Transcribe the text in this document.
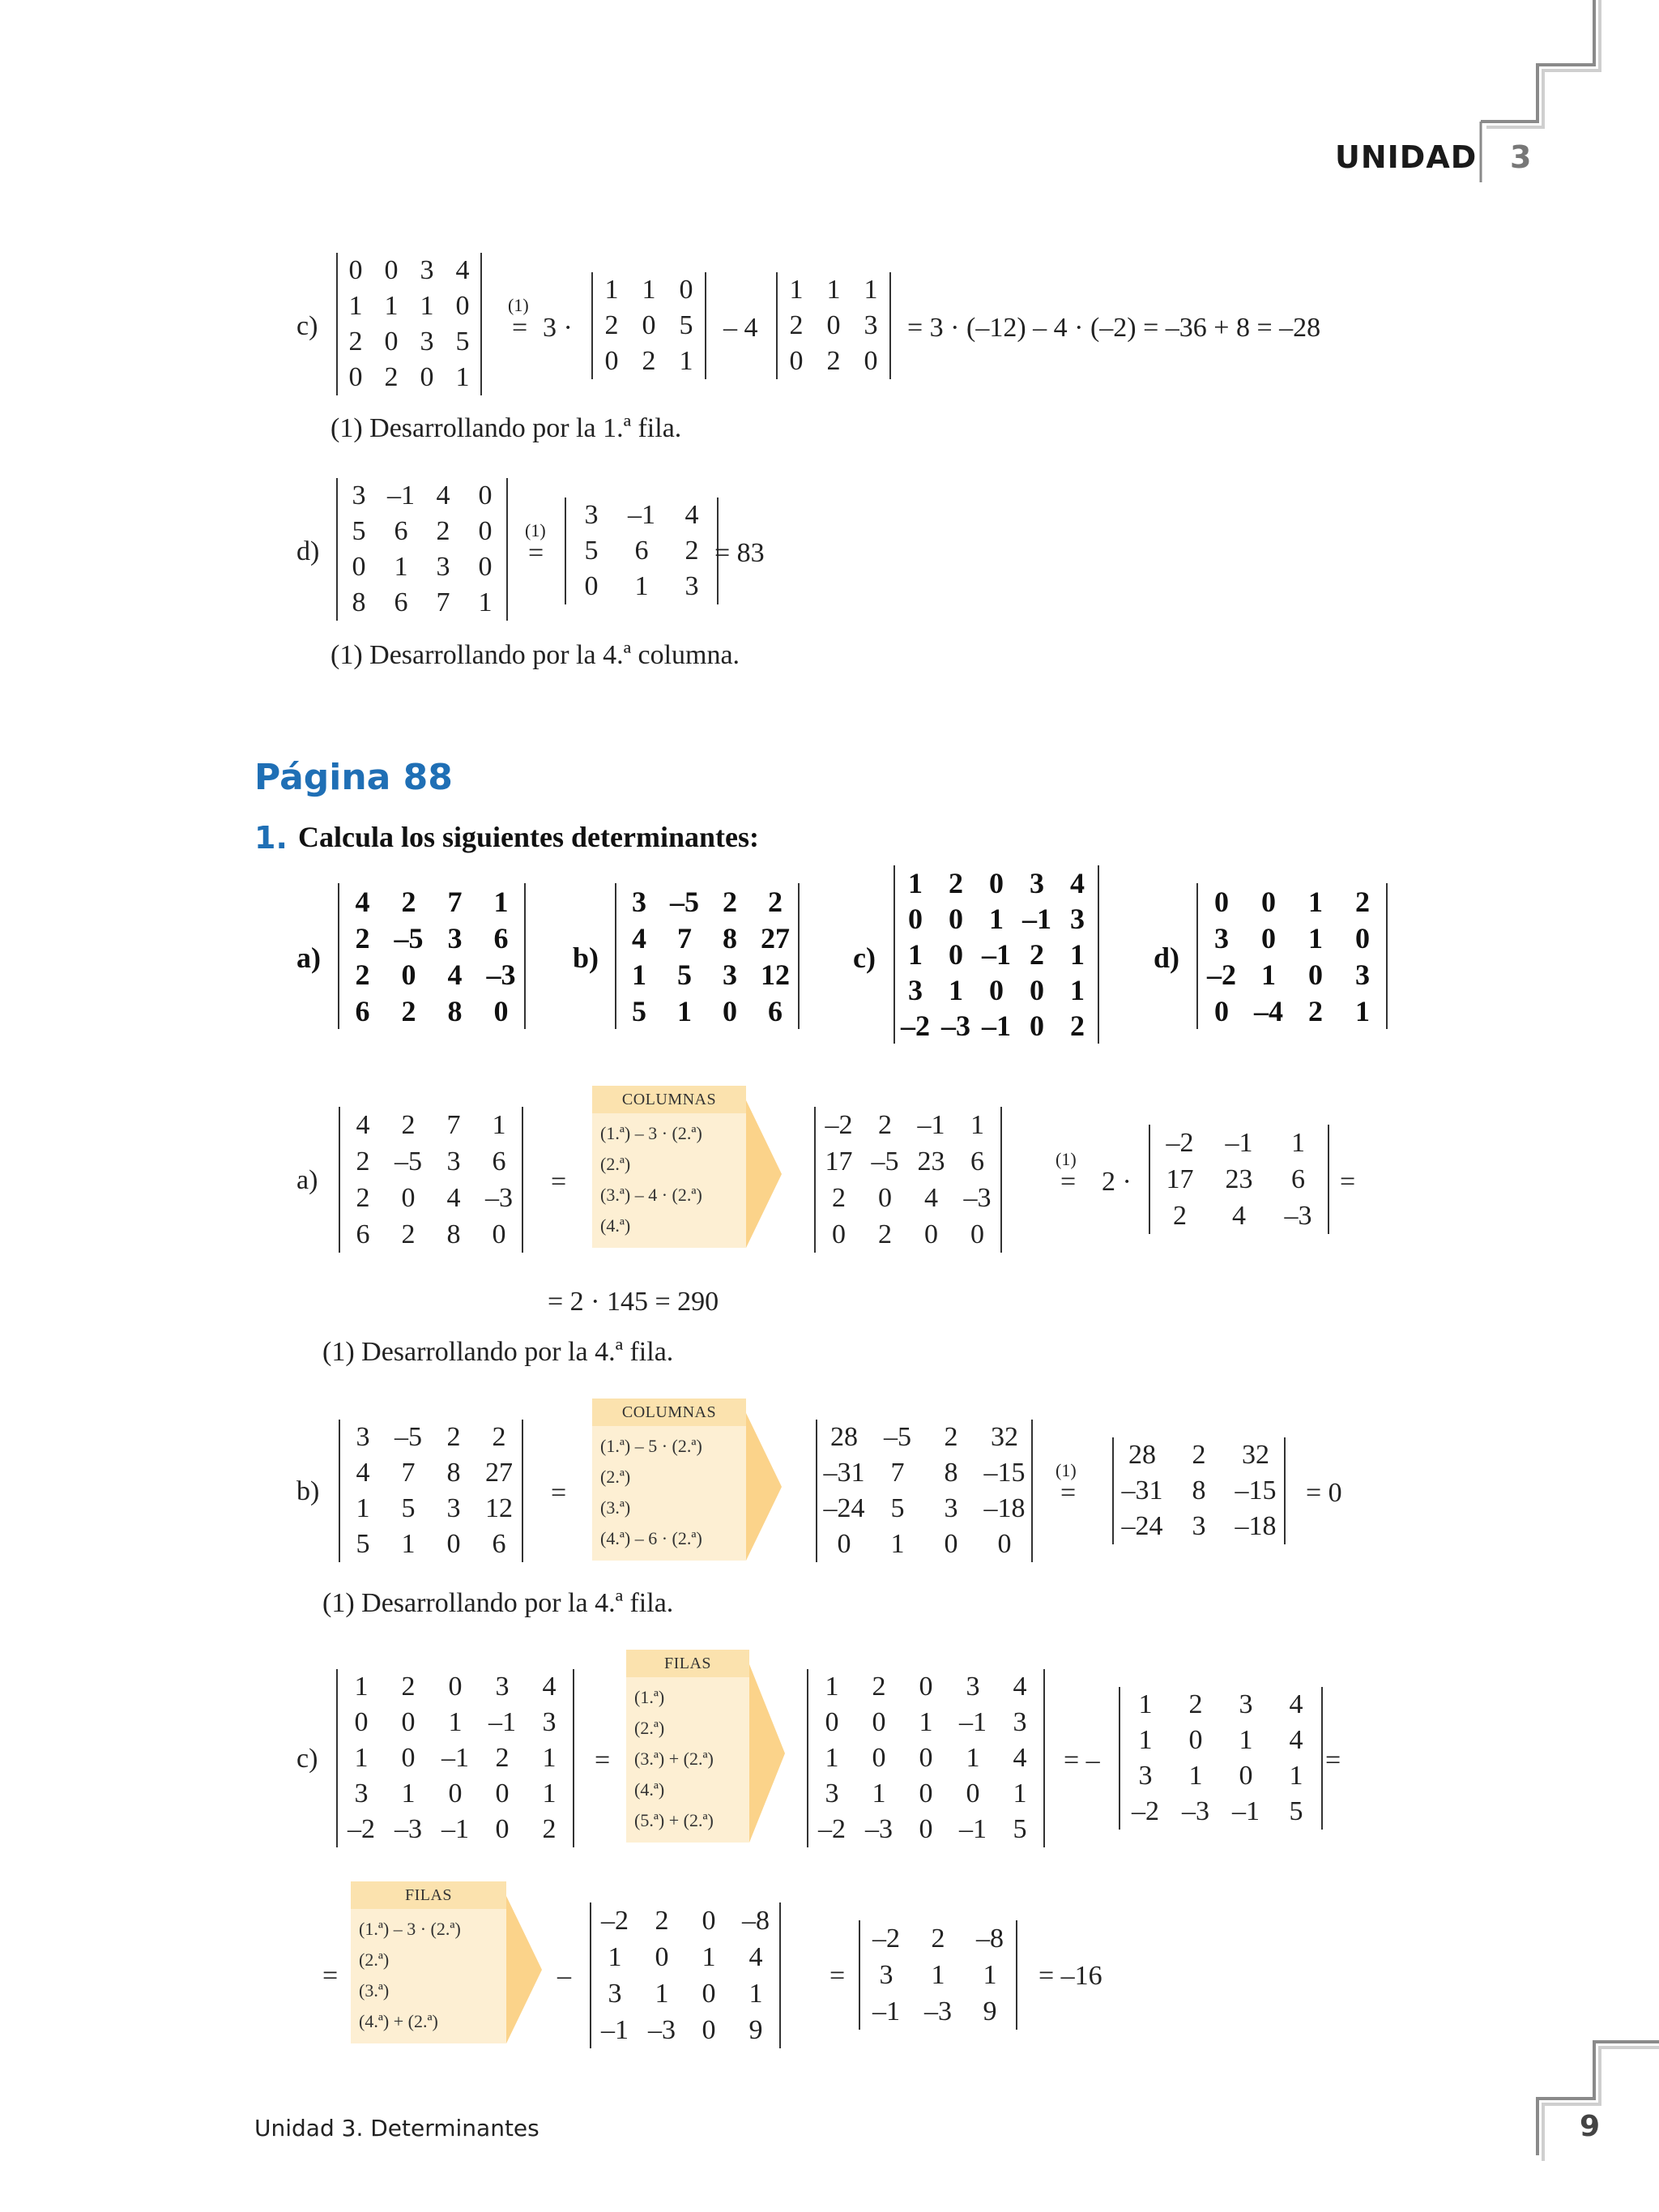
UNIDAD 3
c)
0	0	3	4
1	1	1	0
2	0	3	5
0	2	0	1
(1)
= 3 ·
1	1	0
2	0	5
0	2	1
– 4
1	1	1
2	0	3
0	2	0
= 3 · (–12) – 4 · (–2) = –36 + 8 = –28
(1) Desarrollando por la 1.ª fila.
d)
3	–1	4	0
5	6	2	0
0	1	3	0
8	6	7	1
(1)
=
3	–1	4
5	6	2
0	1	3
= 83
(1) Desarrollando por la 4.ª columna.
Página 88
1. Calcula los siguientes determinantes:
a)
4	2	7	1
2	–5	3	6
2	0	4	–3
6	2	8	0
b)
3	–5	2	2
4	7	8	27
1	5	3	12
5	1	0	6
c)
1	2	0	3	4
0	0	1	–1	3
1	0	–1	2	1
3	1	0	0	1
–2	–3	–1	0	2
d)
0	0	1	2
3	0	1	0
–2	1	0	3
0	–4	2	1
a)
4	2	7	1
2	–5	3	6
2	0	4	–3
6	2	8	0
=
COLUMNAS
(1.ª) – 3 · (2.ª)
(2.ª)
(3.ª) – 4 · (2.ª)
(4.ª)
–2	2	–1	1
17	–5	23	6
2	0	4	–3
0	2	0	0
(1)
= 2 ·
–2	–1	1
17	23	6
2	4	–3
=
= 2 · 145 = 290
(1) Desarrollando por la 4.ª fila.
b)
3	–5	2	2
4	7	8	27
1	5	3	12
5	1	0	6
=
COLUMNAS
(1.ª) – 5 · (2.ª)
(2.ª)
(3.ª)
(4.ª) – 6 · (2.ª)
28	–5	2	32
–31	7	8	–15
–24	5	3	–18
0	1	0	0
(1)
=
28	2	32
–31	8	–15
–24	3	–18
= 0
(1) Desarrollando por la 4.ª fila.
c)
1	2	0	3	4
0	0	1	–1	3
1	0	–1	2	1
3	1	0	0	1
–2	–3	–1	0	2
=
FILAS
(1.ª)
(2.ª)
(3.ª) + (2.ª)
(4.ª)
(5.ª) + (2.ª)
1	2	0	3	4
0	0	1	–1	3
1	0	0	1	4
3	1	0	0	1
–2	–3	0	–1	5
= –
1	2	3	4
1	0	1	4
3	1	0	1
–2	–3	–1	5
=
=
FILAS
(1.ª) – 3 · (2.ª)
(2.ª)
(3.ª)
(4.ª) + (2.ª)
–
–2	2	0	–8
1	0	1	4
3	1	0	1
–1	–3	0	9
=
–2	2	–8
3	1	1
–1	–3	9
= –16
Unidad 3. Determinantes	9
